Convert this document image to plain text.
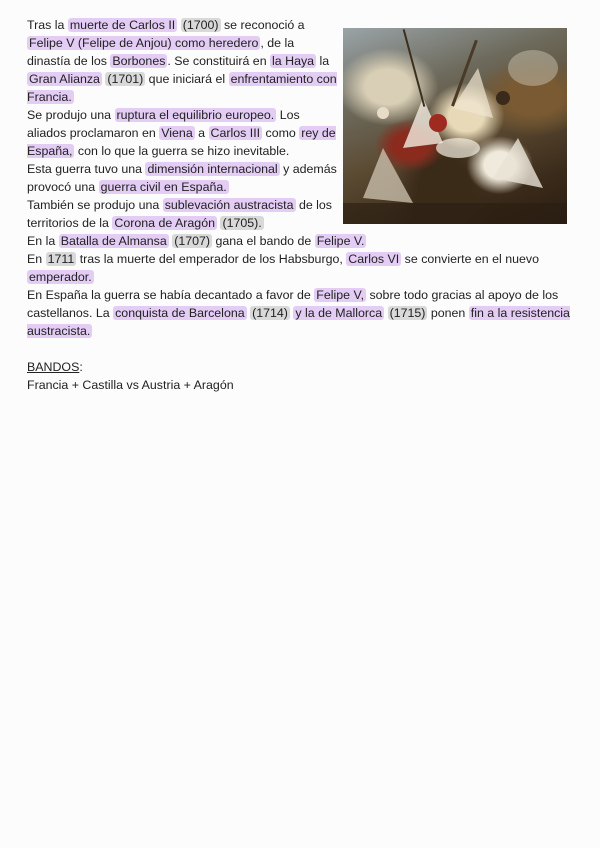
Tras la muerte de Carlos II (1700) se reconoció a Felipe V (Felipe de Anjou) como heredero , de la dinastía de los Borbones . Se constituirá en la Haya la Gran Alianza (1701) que iniciará el enfrentamiento con Francia.

Se produjo una ruptura el equilibrio europeo. Los aliados proclamaron en Viena a Carlos III como rey de España, con lo que la guerra se hizo inevitable.

Esta guerra tuvo una dimensión internacional y además provocó una guerra civil en España.

También se produjo una sublevación austracista de los territorios de la Corona de Aragón (1705).

En la Batalla de Almansa (1707) gana el bando de Felipe V.

En 1711 tras la muerte del emperador de los Habsburgo, Carlos VI se convierte en el nuevo emperador.

En España la guerra se había decantado a favor de Felipe V, sobre todo gracias al apoyo de los castellanos. La conquista de Barcelona (1714) y la de Mallorca (1715) ponen fin a la resistencia austracista.

BANDOS:

Francia + Castilla vs Austria + Aragón
